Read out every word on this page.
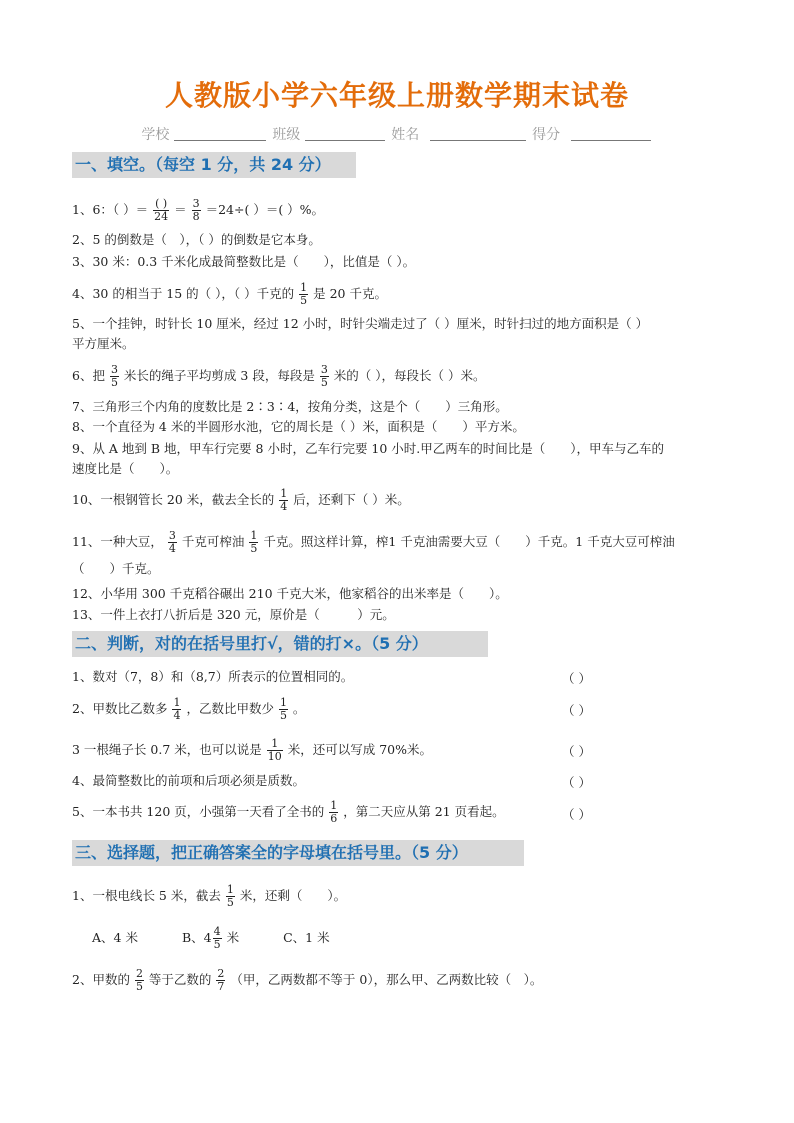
人教版小学六年级上册数学期末试卷
学校	班级	姓名	得分
一、填空。（每空 1 分，共 24 分）
1、6：（ ）＝ $\frac{( )}{24} = \frac{3}{8} =24\div$( ）＝( ）%。
2、5 的倒数是（　），（ ）的倒数是它本身。
3、30 米：0.3 千米化成最简整数比是（　　），比值是（ ）。
4、30 的相当于 15 的（ ），（ ）千克的 $\frac{1}{5}$ 是 20 千克。
5、一个挂钟，时针长 10 厘米，经过 12 小时，时针尖端走过了（ ）厘米，时针扫过的地方面积是（ ）
平方厘米。
6、把 $\frac{3}{5}$ 米长的绳子平均剪成 3 段，每段是 $\frac{3}{5}$ 米的（ ），每段长（ ）米。
7、三角形三个内角的度数比是 2∶3∶4，按角分类，这是个（　　）三角形。
8、一个直径为 4 米的半圆形水池，它的周长是（ ）米，面积是（　　）平方米。
9、从 A 地到 B 地，甲车行完要 8 小时，乙车行完要 10 小时.甲乙两车的时间比是（　　），甲车与乙车的
速度比是（　　）。
10、一根钢管长 20 米，截去全长的 $\frac{1}{4}$ 后，还剩下（ ）米。
11、一种大豆， $\frac{3}{4}$ 千克可榨油 $\frac{1}{5}$ 千克。照这样计算，榨1 千克油需要大豆（　　）千克。1 千克大豆可榨油
（　　）千克。
12、小华用 300 千克稻谷碾出 210 千克大米，他家稻谷的出米率是（　　）。
13、一件上衣打八折后是 320 元，原价是（　　　）元。
二、判断，对的在括号里打√，错的打×。（5 分）
1、数对（7，8）和（8,7）所表示的位置相同的。	（ ）
2、甲数比乙数多 $\frac{1}{4}$ ，乙数比甲数少 $\frac{1}{5}$ 。	（ ）
3 一根绳子长 0.7 米，也可以说是 $\frac{1}{10}$ 米，还可以写成 70%米。	（ ）
4、最简整数比的前项和后项必须是质数。	（ ）
5、一本书共 120 页，小强第一天看了全书的 $\frac{1}{6}$ ，第二天应从第 21 页看起。	（ ）
三、选择题，把正确答案全的字母填在括号里。（5 分）
1、一根电线长 5 米，截去 $\frac{1}{5}$ 米，还剩（　　）。
A、4 米	B、$4 \frac{4}{5}$ 米	C、1 米
2、甲数的 $\frac{2}{5}$ 等于乙数的 $\frac{2}{7}$ （甲，乙两数都不等于 0），那么甲、乙两数比较（　）。
